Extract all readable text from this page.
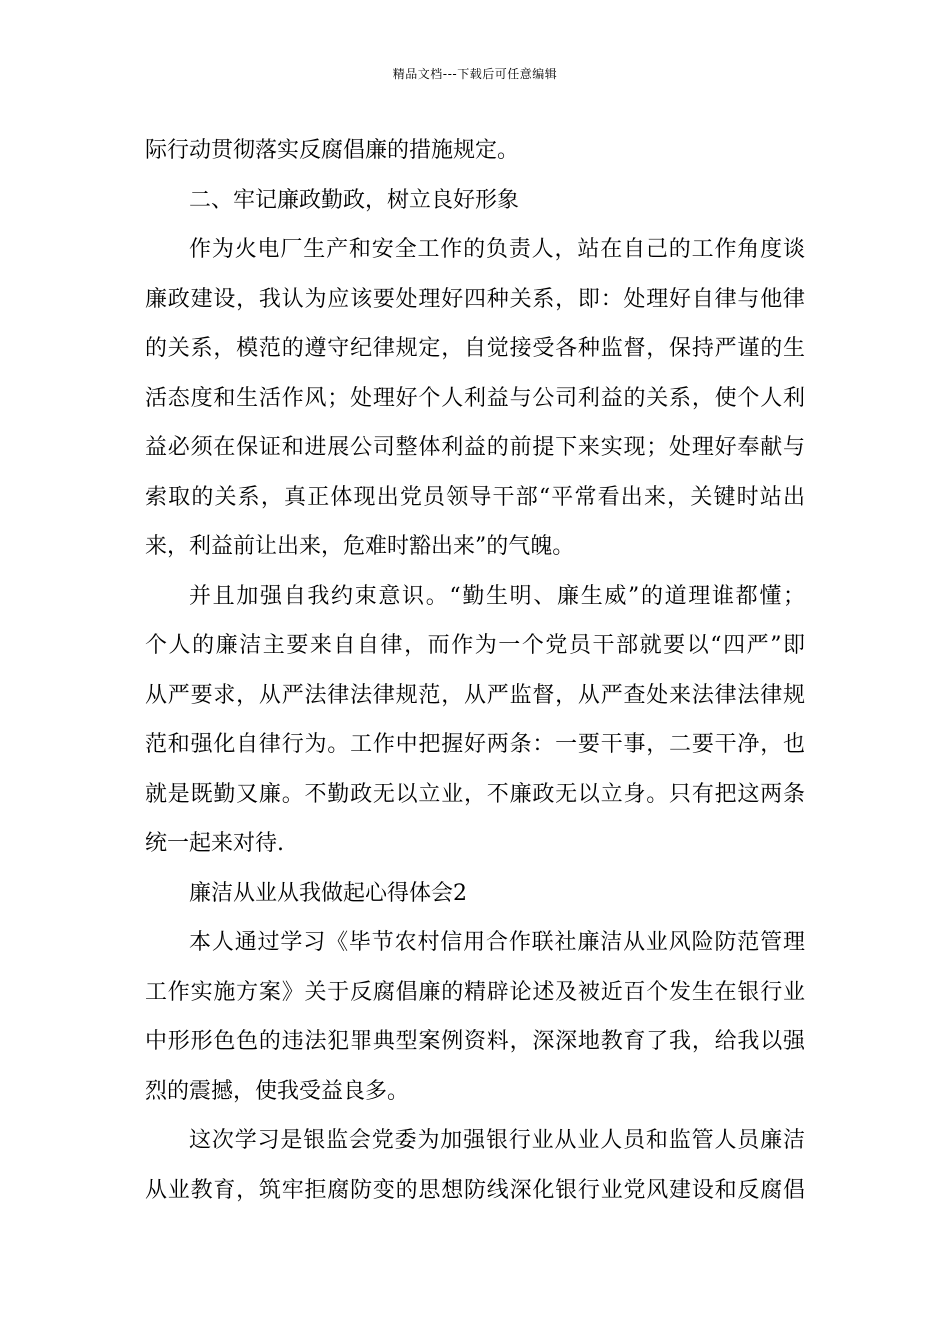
精品文档---下载后可任意编辑
际行动贯彻落实反腐倡廉的措施规定。
二、牢记廉政勤政，树立良好形象
作为火电厂生产和安全工作的负责人，站在自己的工作角度谈
廉政建设，我认为应该要处理好四种关系，即：处理好自律与他律
的关系，模范的遵守纪律规定，自觉接受各种监督，保持严谨的生
活态度和生活作风；处理好个人利益与公司利益的关系，使个人利
益必须在保证和进展公司整体利益的前提下来实现；处理好奉献与
索取的关系，真正体现出党员领导干部“平常看出来，关键时站出
来，利益前让出来，危难时豁出来”的气魄。
并且加强自我约束意识。“勤生明、廉生威”的道理谁都懂；
个人的廉洁主要来自自律，而作为一个党员干部就要以“四严”即
从严要求，从严法律法律规范，从严监督，从严查处来法律法律规
范和强化自律行为。工作中把握好两条：一要干事，二要干净，也
就是既勤又廉。不勤政无以立业，不廉政无以立身。只有把这两条
统一起来对待.
廉洁从业从我做起心得体会2
本人通过学习《毕节农村信用合作联社廉洁从业风险防范管理
工作实施方案》关于反腐倡廉的精辟论述及被近百个发生在银行业
中形形色色的违法犯罪典型案例资料，深深地教育了我，给我以强
烈的震撼，使我受益良多。
这次学习是银监会党委为加强银行业从业人员和监管人员廉洁
从业教育，筑牢拒腐防变的思想防线深化银行业党风建设和反腐倡
